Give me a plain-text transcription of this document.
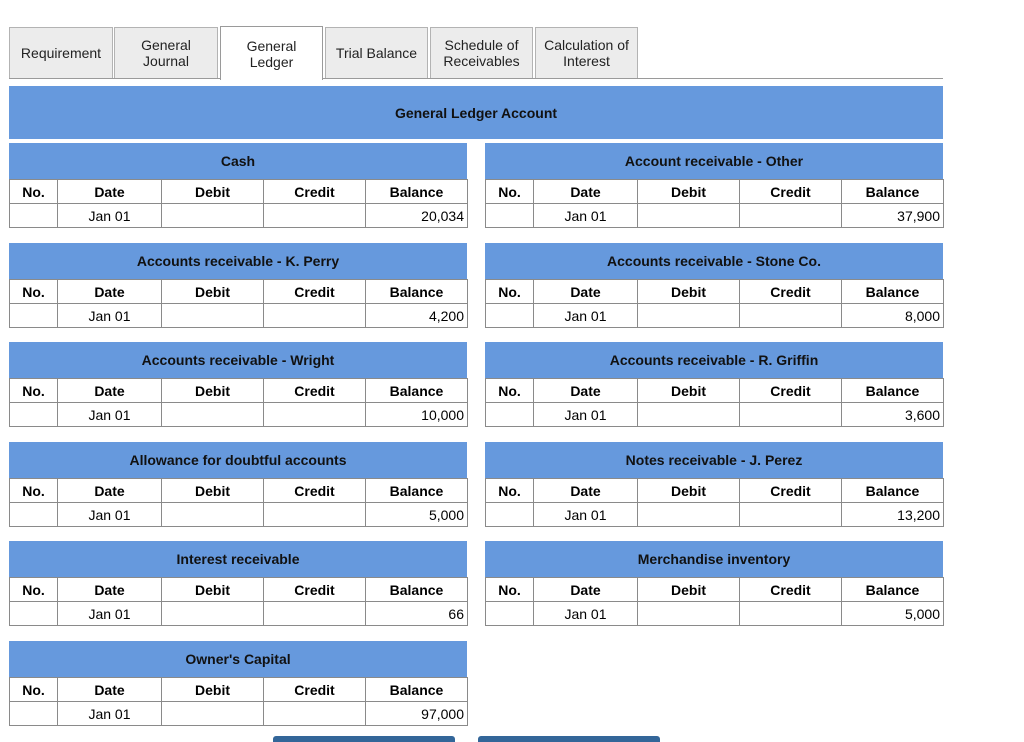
Requirement	General
Journal
General
Ledger
Trial Balance Schedule of
Receivables
Calculation of
Interest
General Ledger Account
Cash
No.	Date	Debit	Credit	Balance
	Jan 01			20,034
Account receivable - Other
No.	Date	Debit	Credit	Balance
	Jan 01			37,900
Accounts receivable - K. Perry
No.	Date	Debit	Credit	Balance
	Jan 01			4,200
Accounts receivable - Stone Co.
No.	Date	Debit	Credit	Balance
	Jan 01			8,000
Accounts receivable - Wright
No.	Date	Debit	Credit	Balance
	Jan 01			10,000
Accounts receivable - R. Griffin
No.	Date	Debit	Credit	Balance
	Jan 01			3,600
Allowance for doubtful accounts
No.	Date	Debit	Credit	Balance
	Jan 01			5,000
Notes receivable - J. Perez
No.	Date	Debit	Credit	Balance
	Jan 01			13,200
Interest receivable
No.	Date	Debit	Credit	Balance
	Jan 01			66
Merchandise inventory
No.	Date	Debit	Credit	Balance
	Jan 01			5,000
Owner's Capital
No.	Date	Debit	Credit	Balance
	Jan 01			97,000
